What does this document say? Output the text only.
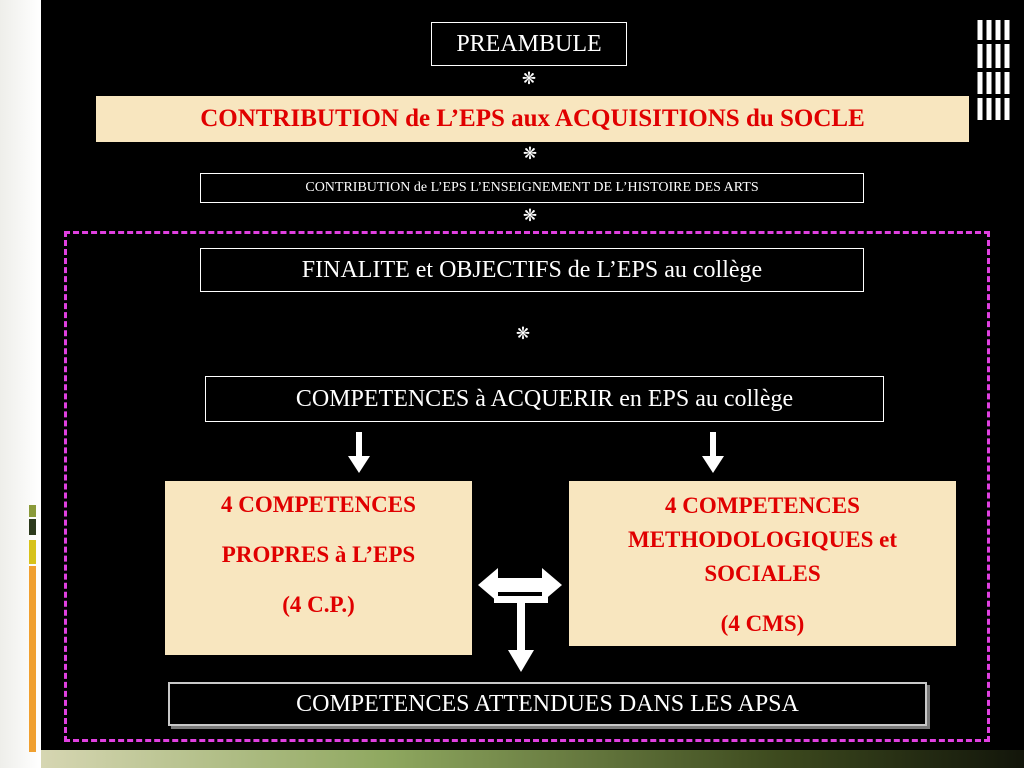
PREAMBULE
❋
CONTRIBUTION de L’EPS aux ACQUISITIONS du SOCLE
❋
CONTRIBUTION de L’EPS L’ENSEIGNEMENT DE L’HISTOIRE DES ARTS
❋
FINALITE et OBJECTIFS de L’EPS au collège
❋
COMPETENCES à ACQUERIR en EPS au collège
4 COMPETENCES
PROPRES à L’EPS
(4 C.P.)
4 COMPETENCES
METHODOLOGIQUES et
SOCIALES
(4 CMS)
COMPETENCES ATTENDUES DANS LES APSA
